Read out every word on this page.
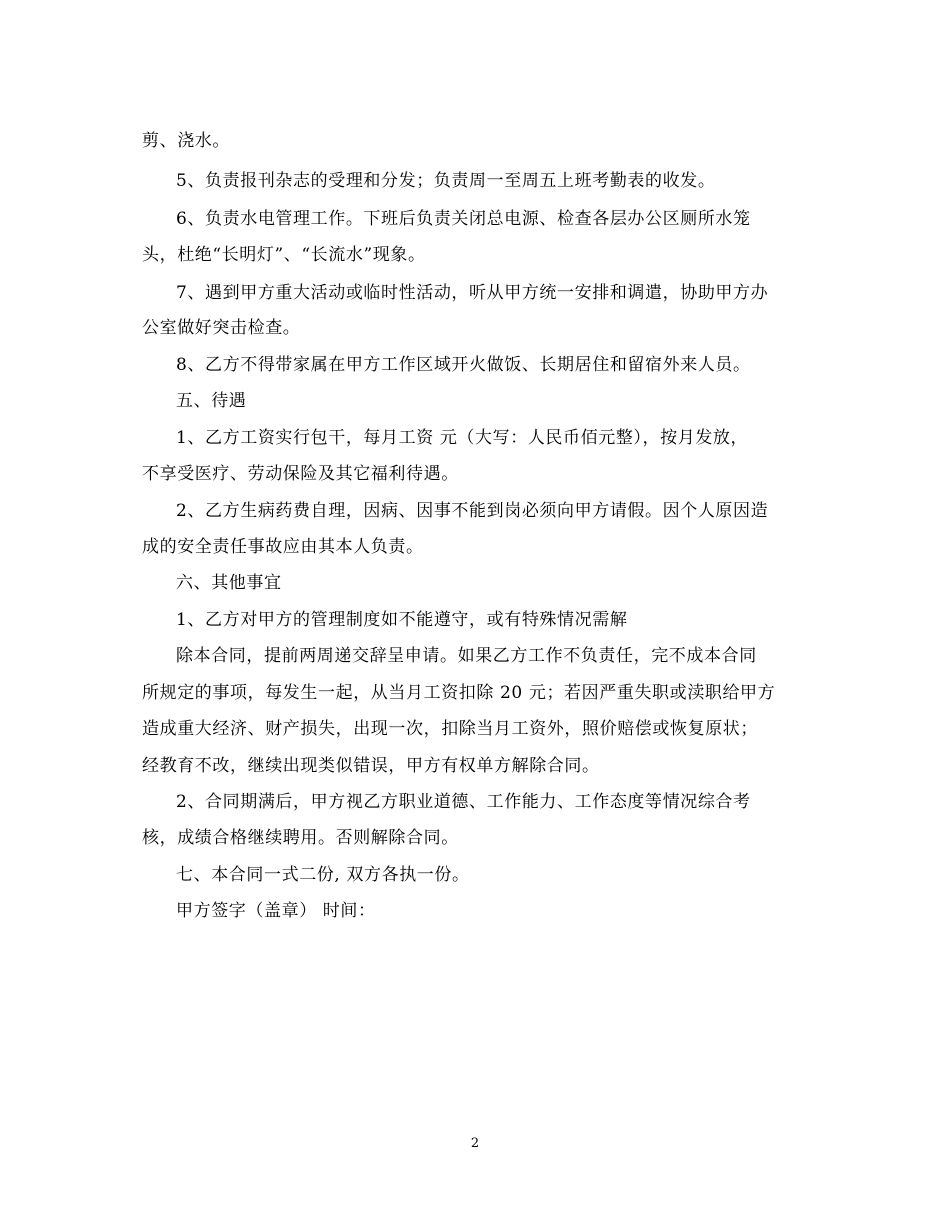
剪、浇水。
5、负责报刊杂志的受理和分发；负责周一至周五上班考勤表的收发。
6、负责水电管理工作。下班后负责关闭总电源、检查各层办公区厕所水笼
头，杜绝“长明灯”、“长流水”现象。
7、遇到甲方重大活动或临时性活动，听从甲方统一安排和调遣，协助甲方办
公室做好突击检查。
8、乙方不得带家属在甲方工作区域开火做饭、长期居住和留宿外来人员。
五、待遇
1、乙方工资实行包干，每月工资 元（大写：人民币佰元整），按月发放，
不享受医疗、劳动保险及其它福利待遇。
2、乙方生病药费自理，因病、因事不能到岗必须向甲方请假。因个人原因造
成的安全责任事故应由其本人负责。
六、其他事宜
1、乙方对甲方的管理制度如不能遵守，或有特殊情况需解
除本合同，提前两周递交辞呈申请。如果乙方工作不负责任，完不成本合同
所规定的事项，每发生一起，从当月工资扣除 20 元；若因严重失职或渎职给甲方
造成重大经济、财产损失，出现一次，扣除当月工资外，照价赔偿或恢复原状；
经教育不改，继续出现类似错误，甲方有权单方解除合同。
2、合同期满后，甲方视乙方职业道德、工作能力、工作态度等情况综合考
核，成绩合格继续聘用。否则解除合同。
七、本合同一式二份, 双方各执一份。
甲方签字（盖章） 时间：
2
